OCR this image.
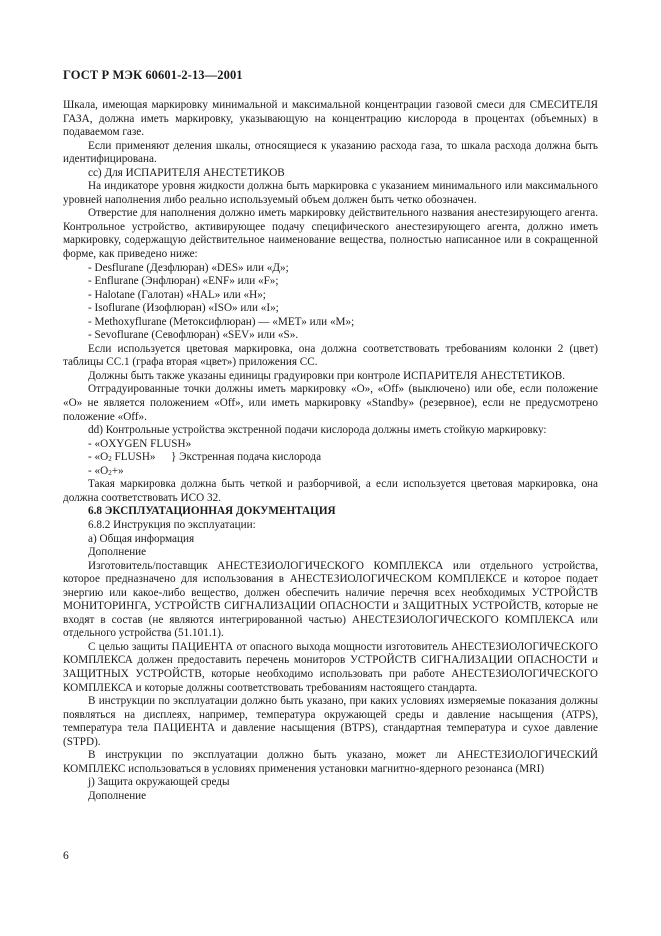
ГОСТ Р МЭК 60601-2-13—2001

Шкала, имеющая маркировку минимальной и максимальной концентрации газовой смеси для СМЕСИТЕЛЯ ГАЗА, должна иметь маркировку, указывающую на концентрацию кислорода в процентах (объемных) в подаваемом газе.

Если применяют деления шкалы, относящиеся к указанию расхода газа, то шкала расхода должна быть идентифицирована.

cc) Для ИСПАРИТЕЛЯ АНЕСТЕТИКОВ

На индикаторе уровня жидкости должна быть маркировка с указанием минимального или максимального уровней наполнения либо реально используемый объем должен быть четко обозначен.

Отверстие для наполнения должно иметь маркировку действительного названия анестезирующего агента. Контрольное устройство, активирующее подачу специфического анестезирующего агента, должно иметь маркировку, содержащую действительное наименование вещества, полностью написанное или в сокращенной форме, как приведено ниже:

- Desflurane (Дезфлюран) «DES» или «Д»;

- Enflurane (Энфлюран) «ENF» или «F»;

- Halotane (Галотан) «HAL» или «H»;

- Isoflurane (Изофлюран) «ISO» или «I»;

- Methoxyflurane (Метоксифлюран) — «МЕТ» или «М»;

- Sevoflurane (Севофлюран) «SEV» или «S».

Если используется цветовая маркировка, она должна соответствовать требованиям колонки 2 (цвет) таблицы СС.1 (графа вторая «цвет») приложения СС.

Должны быть также указаны единицы градуировки при контроле ИСПАРИТЕЛЯ АНЕСТЕТИКОВ.

Отградуированные точки должны иметь маркировку «О», «Off» (выключено) или обе, если положение «О» не является положением «Off», или иметь маркировку «Standby» (резервное), если не предусмотрено положение «Off».

dd) Контрольные устройства экстренной подачи кислорода должны иметь стойкую маркировку:

- «OXYGEN FLUSH»

- «$O_2$ FLUSH» } Экстренная подача кислорода

- «$O_2+$»

Такая маркировка должна быть четкой и разборчивой, а если используется цветовая маркировка, она должна соответствовать ИСО 32.

6.8 ЭКСПЛУАТАЦИОННАЯ ДОКУМЕНТАЦИЯ

6.8.2 Инструкция по эксплуатации:

а) Общая информация

Дополнение

Изготовитель/поставщик АНЕСТЕЗИОЛОГИЧЕСКОГО КОМПЛЕКСА или отдельного устройства, которое предназначено для использования в АНЕСТЕЗИОЛОГИЧЕСКОМ КОМПЛЕКСЕ и которое подает энергию или какое-либо вещество, должен обеспечить наличие перечня всех необходимых УСТРОЙСТВ МОНИТОРИНГА, УСТРОЙСТВ СИГНАЛИЗАЦИИ ОПАСНОСТИ и ЗАЩИТНЫХ УСТРОЙСТВ, которые не входят в состав (не являются интегрированной частью) АНЕСТЕЗИОЛОГИЧЕСКОГО КОМПЛЕКСА или отдельного устройства (51.101.1).

С целью защиты ПАЦИЕНТА от опасного выхода мощности изготовитель АНЕСТЕЗИОЛОГИЧЕСКОГО КОМПЛЕКСА должен предоставить перечень мониторов УСТРОЙСТВ СИГНАЛИЗАЦИИ ОПАСНОСТИ и ЗАЩИТНЫХ УСТРОЙСТВ, которые необходимо использовать при работе АНЕСТЕЗИОЛОГИЧЕСКОГО КОМПЛЕКСА и которые должны соответствовать требованиям настоящего стандарта.

В инструкции по эксплуатации должно быть указано, при каких условиях измеряемые показания должны появляться на дисплеях, например, температура окружающей среды и давление насыщения (ATPS), температура тела ПАЦИЕНТА и давление насыщения (BTPS), стандартная температура и сухое давление (STPD).

В инструкции по эксплуатации должно быть указано, может ли АНЕСТЕЗИОЛОГИЧЕСКИЙ КОМПЛЕКС использоваться в условиях применения установки магнитно-ядерного резонанса (MRI)

j) Защита окружающей среды

Дополнение

6
